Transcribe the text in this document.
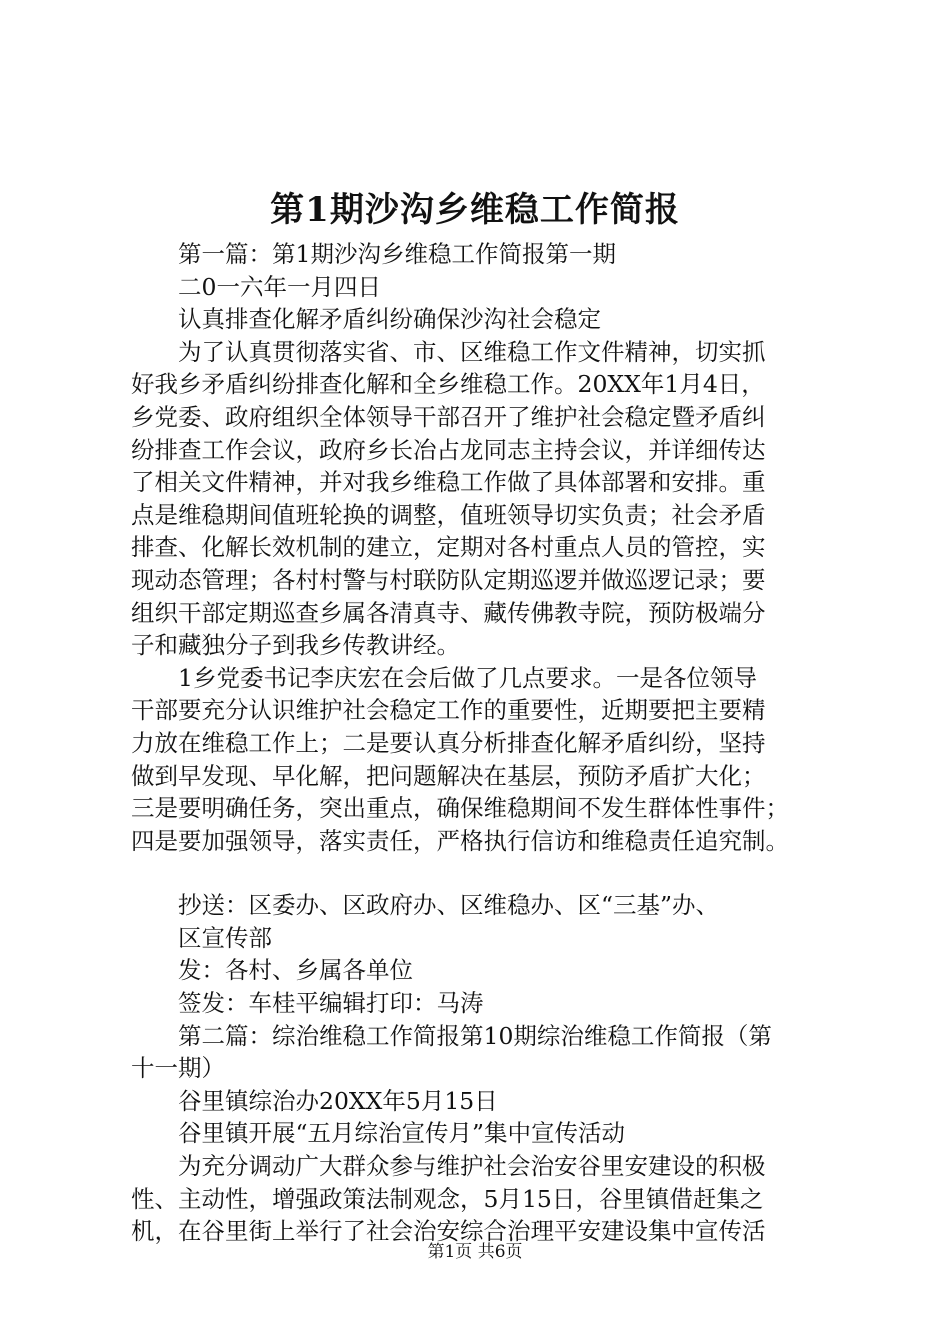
第1期沙沟乡维稳工作简报
第一篇：第1期沙沟乡维稳工作简报第一期
二0一六年一月四日
认真排查化解矛盾纠纷确保沙沟社会稳定
为了认真贯彻落实省、市、区维稳工作文件精神，切实抓
好我乡矛盾纠纷排查化解和全乡维稳工作。20XX年1月4日，
乡党委、政府组织全体领导干部召开了维护社会稳定暨矛盾纠
纷排查工作会议，政府乡长冶占龙同志主持会议，并详细传达
了相关文件精神，并对我乡维稳工作做了具体部署和安排。重
点是维稳期间值班轮换的调整，值班领导切实负责；社会矛盾
排查、化解长效机制的建立，定期对各村重点人员的管控，实
现动态管理；各村村警与村联防队定期巡逻并做巡逻记录；要
组织干部定期巡查乡属各清真寺、藏传佛教寺院，预防极端分
子和藏独分子到我乡传教讲经。
1乡党委书记李庆宏在会后做了几点要求。一是各位领导
干部要充分认识维护社会稳定工作的重要性，近期要把主要精
力放在维稳工作上；二是要认真分析排查化解矛盾纠纷，坚持
做到早发现、早化解，把问题解决在基层，预防矛盾扩大化；
三是要明确任务，突出重点，确保维稳期间不发生群体性事件；
四是要加强领导，落实责任，严格执行信访和维稳责任追究制。
抄送：区委办、区政府办、区维稳办、区“三基”办、
区宣传部
发：各村、乡属各单位
签发：车桂平编辑打印：马涛
第二篇：综治维稳工作简报第10期综治维稳工作简报（第
十一期）
谷里镇综治办20XX年5月15日
谷里镇开展“五月综治宣传月”集中宣传活动
为充分调动广大群众参与维护社会治安谷里安建设的积极
性、主动性，增强政策法制观念，5月15日，谷里镇借赶集之
机，在谷里街上举行了社会治安综合治理平安建设集中宣传活
第1页 共6页
